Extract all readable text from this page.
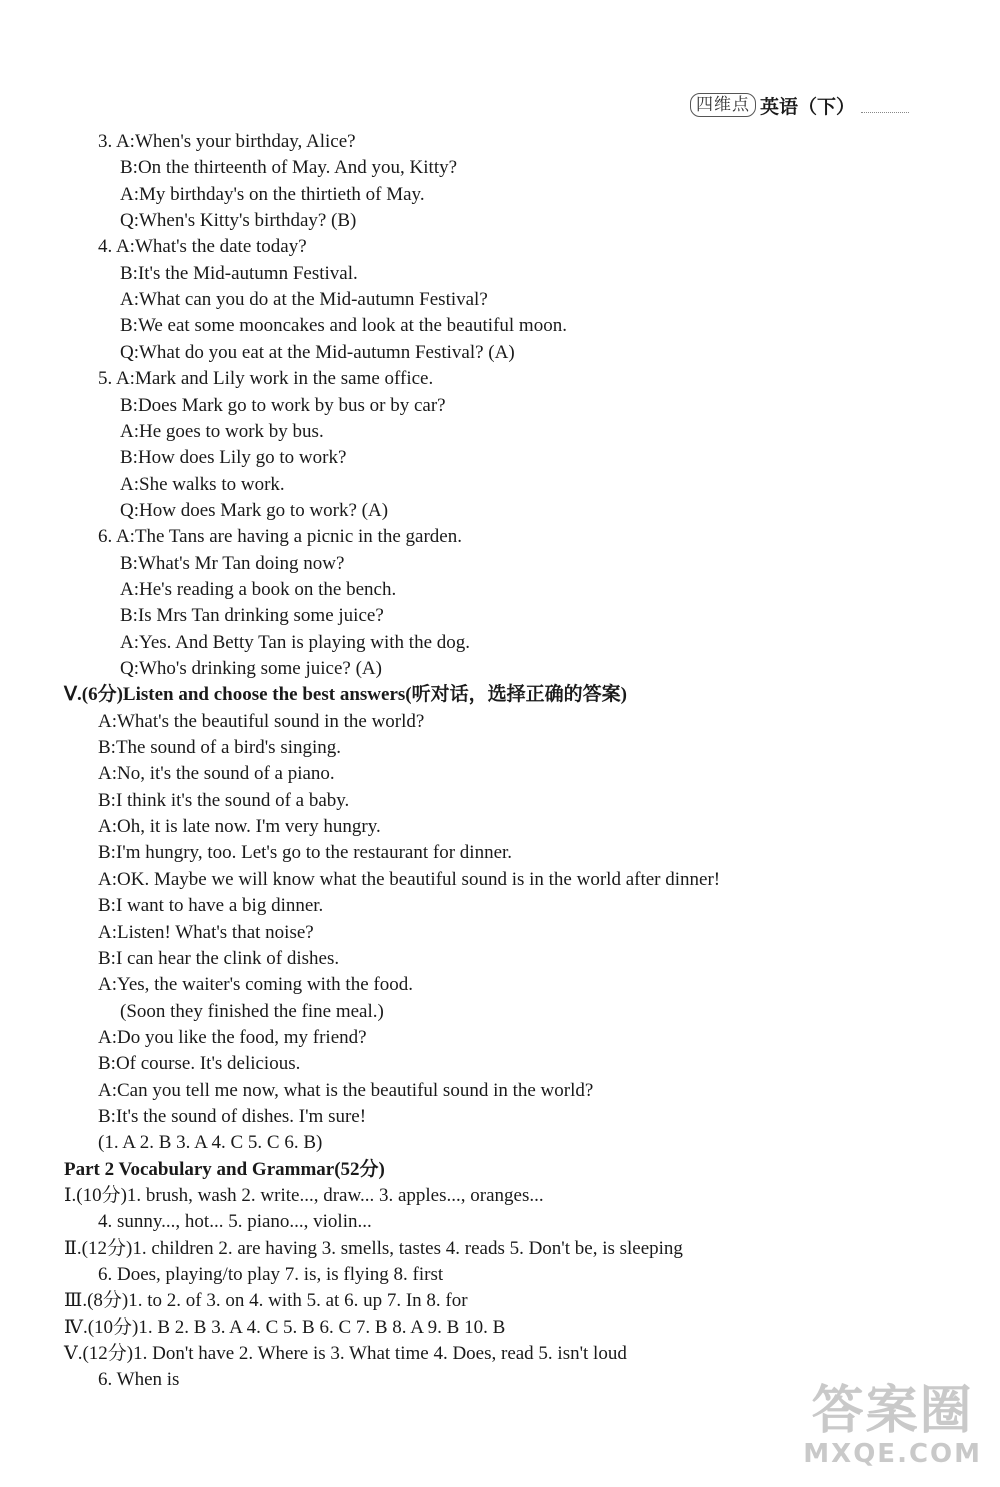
四维点 英语（下）
3. A:When's your birthday, Alice?
B:On the thirteenth of May. And you, Kitty?
A:My birthday's on the thirtieth of May.
Q:When's Kitty's birthday? (B)
4. A:What's the date today?
B:It's the Mid-autumn Festival.
A:What can you do at the Mid-autumn Festival?
B:We eat some mooncakes and look at the beautiful moon.
Q:What do you eat at the Mid-autumn Festival? (A)
5. A:Mark and Lily work in the same office.
B:Does Mark go to work by bus or by car?
A:He goes to work by bus.
B:How does Lily go to work?
A:She walks to work.
Q:How does Mark go to work? (A)
6. A:The Tans are having a picnic in the garden.
B:What's Mr Tan doing now?
A:He's reading a book on the bench.
B:Is Mrs Tan drinking some juice?
A:Yes. And Betty Tan is playing with the dog.
Q:Who's drinking some juice? (A)
Ⅴ.(6分)Listen and choose the best answers(听对话，选择正确的答案)
A:What's the beautiful sound in the world?
B:The sound of a bird's singing.
A:No, it's the sound of a piano.
B:I think it's the sound of a baby.
A:Oh, it is late now. I'm very hungry.
B:I'm hungry, too. Let's go to the restaurant for dinner.
A:OK. Maybe we will know what the beautiful sound is in the world after dinner!
B:I want to have a big dinner.
A:Listen! What's that noise?
B:I can hear the clink of dishes.
A:Yes, the waiter's coming with the food.
(Soon they finished the fine meal.)
A:Do you like the food, my friend?
B:Of course. It's delicious.
A:Can you tell me now, what is the beautiful sound in the world?
B:It's the sound of dishes. I'm sure!
(1. A 2. B 3. A 4. C 5. C 6. B)
Part 2 Vocabulary and Grammar(52分)
Ⅰ.(10分)1. brush, wash 2. write..., draw... 3. apples..., oranges...
4. sunny..., hot... 5. piano..., violin...
Ⅱ.(12分)1. children 2. are having 3. smells, tastes 4. reads 5. Don't be, is sleeping
6. Does, playing/to play 7. is, is flying 8. first
Ⅲ.(8分)1. to 2. of 3. on 4. with 5. at 6. up 7. In 8. for
Ⅳ.(10分)1. B 2. B 3. A 4. C 5. B 6. C 7. B 8. A 9. B 10. B
Ⅴ.(12分)1. Don't have 2. Where is 3. What time 4. Does, read 5. isn't loud
6. When is
答案圈
MXQE.COM
